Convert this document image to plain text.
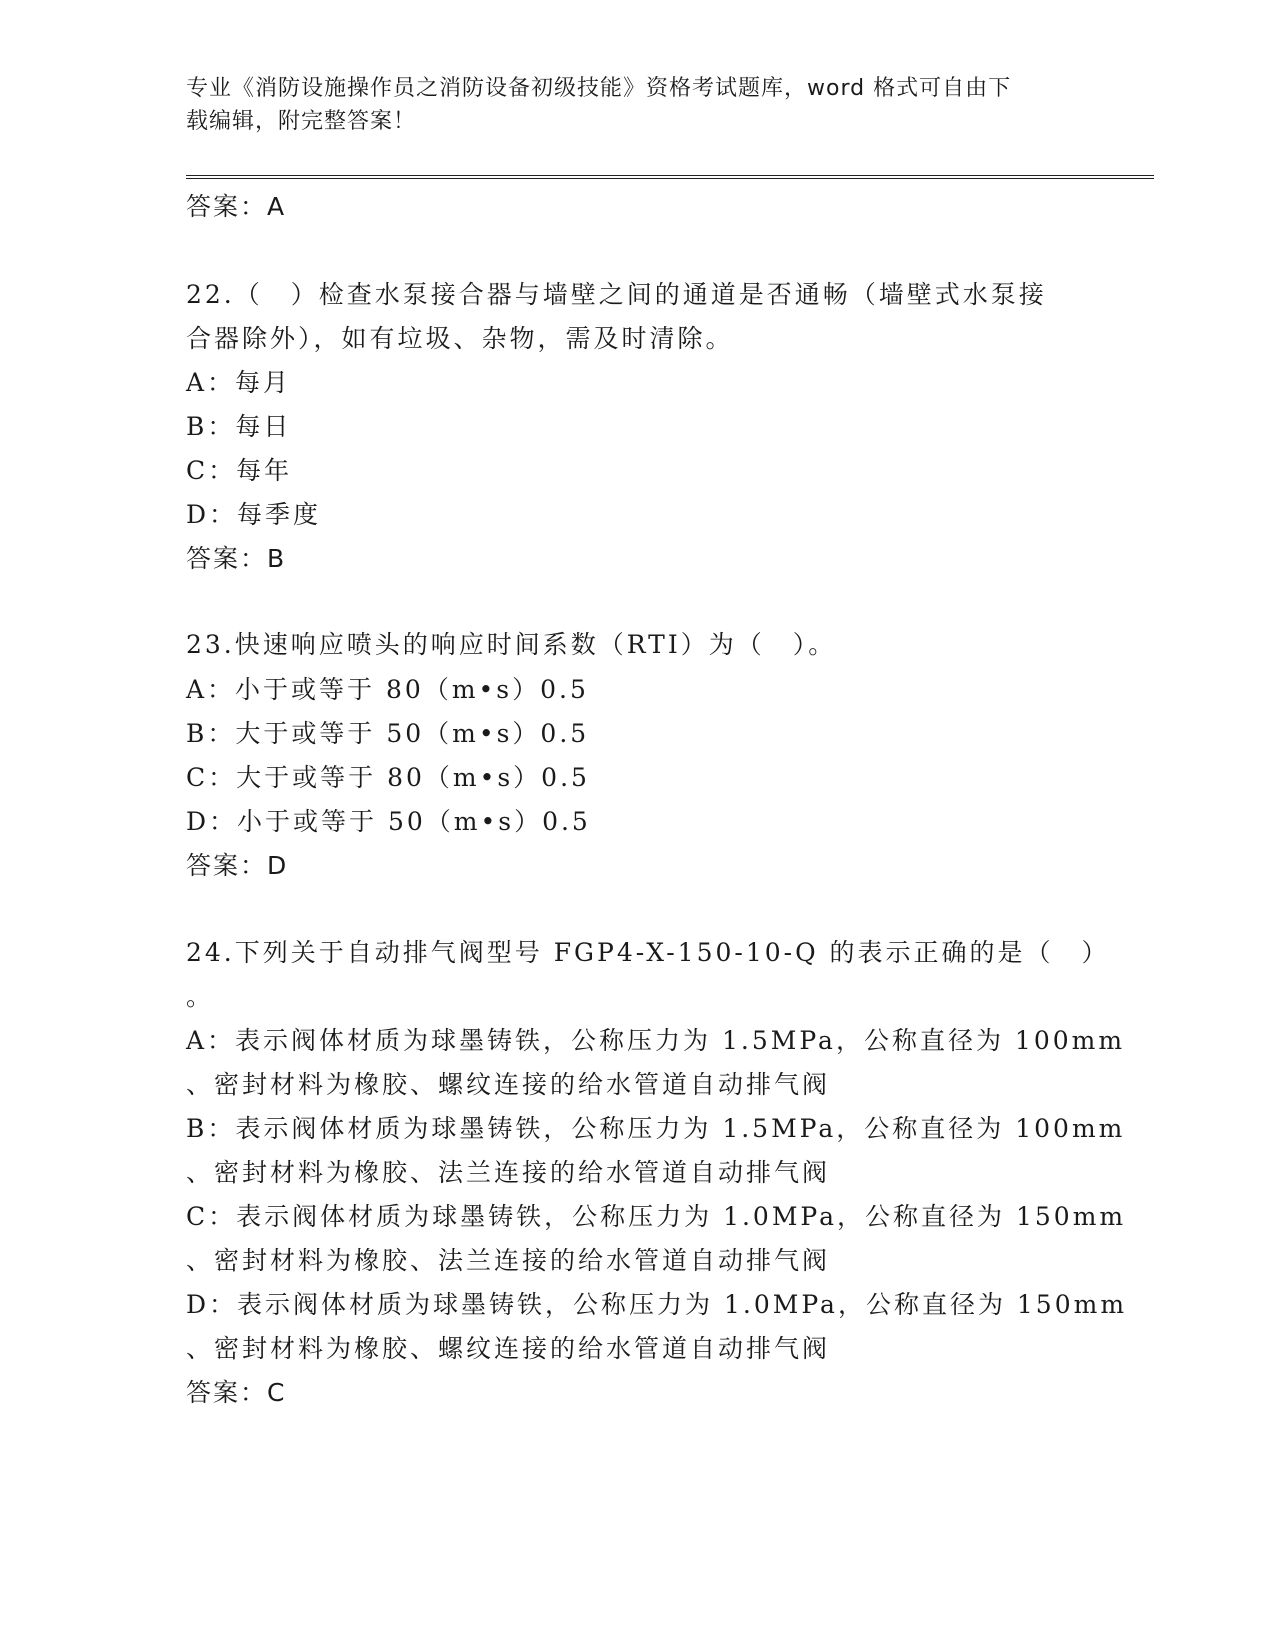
专业《消防设施操作员之消防设备初级技能》资格考试题库，word 格式可自由下
载编辑，附完整答案！
答案：A
22.（　）检查水泵接合器与墙壁之间的通道是否通畅（墙壁式水泵接
合器除外），如有垃圾、杂物，需及时清除。
A：每月
B：每日
C：每年
D：每季度
答案：B
23.快速响应喷头的响应时间系数（RTI）为（　）。
A：小于或等于 80（m•s）0.5
B：大于或等于 50（m•s）0.5
C：大于或等于 80（m•s）0.5
D：小于或等于 50（m•s）0.5
答案：D
24.下列关于自动排气阀型号 FGP4-X-150-10-Q 的表示正确的是（　）
。
A：表示阀体材质为球墨铸铁，公称压力为 1.5MPa，公称直径为 100mm
、密封材料为橡胶、螺纹连接的给水管道自动排气阀
B：表示阀体材质为球墨铸铁，公称压力为 1.5MPa，公称直径为 100mm
、密封材料为橡胶、法兰连接的给水管道自动排气阀
C：表示阀体材质为球墨铸铁，公称压力为 1.0MPa，公称直径为 150mm
、密封材料为橡胶、法兰连接的给水管道自动排气阀
D：表示阀体材质为球墨铸铁，公称压力为 1.0MPa，公称直径为 150mm
、密封材料为橡胶、螺纹连接的给水管道自动排气阀
答案：C
